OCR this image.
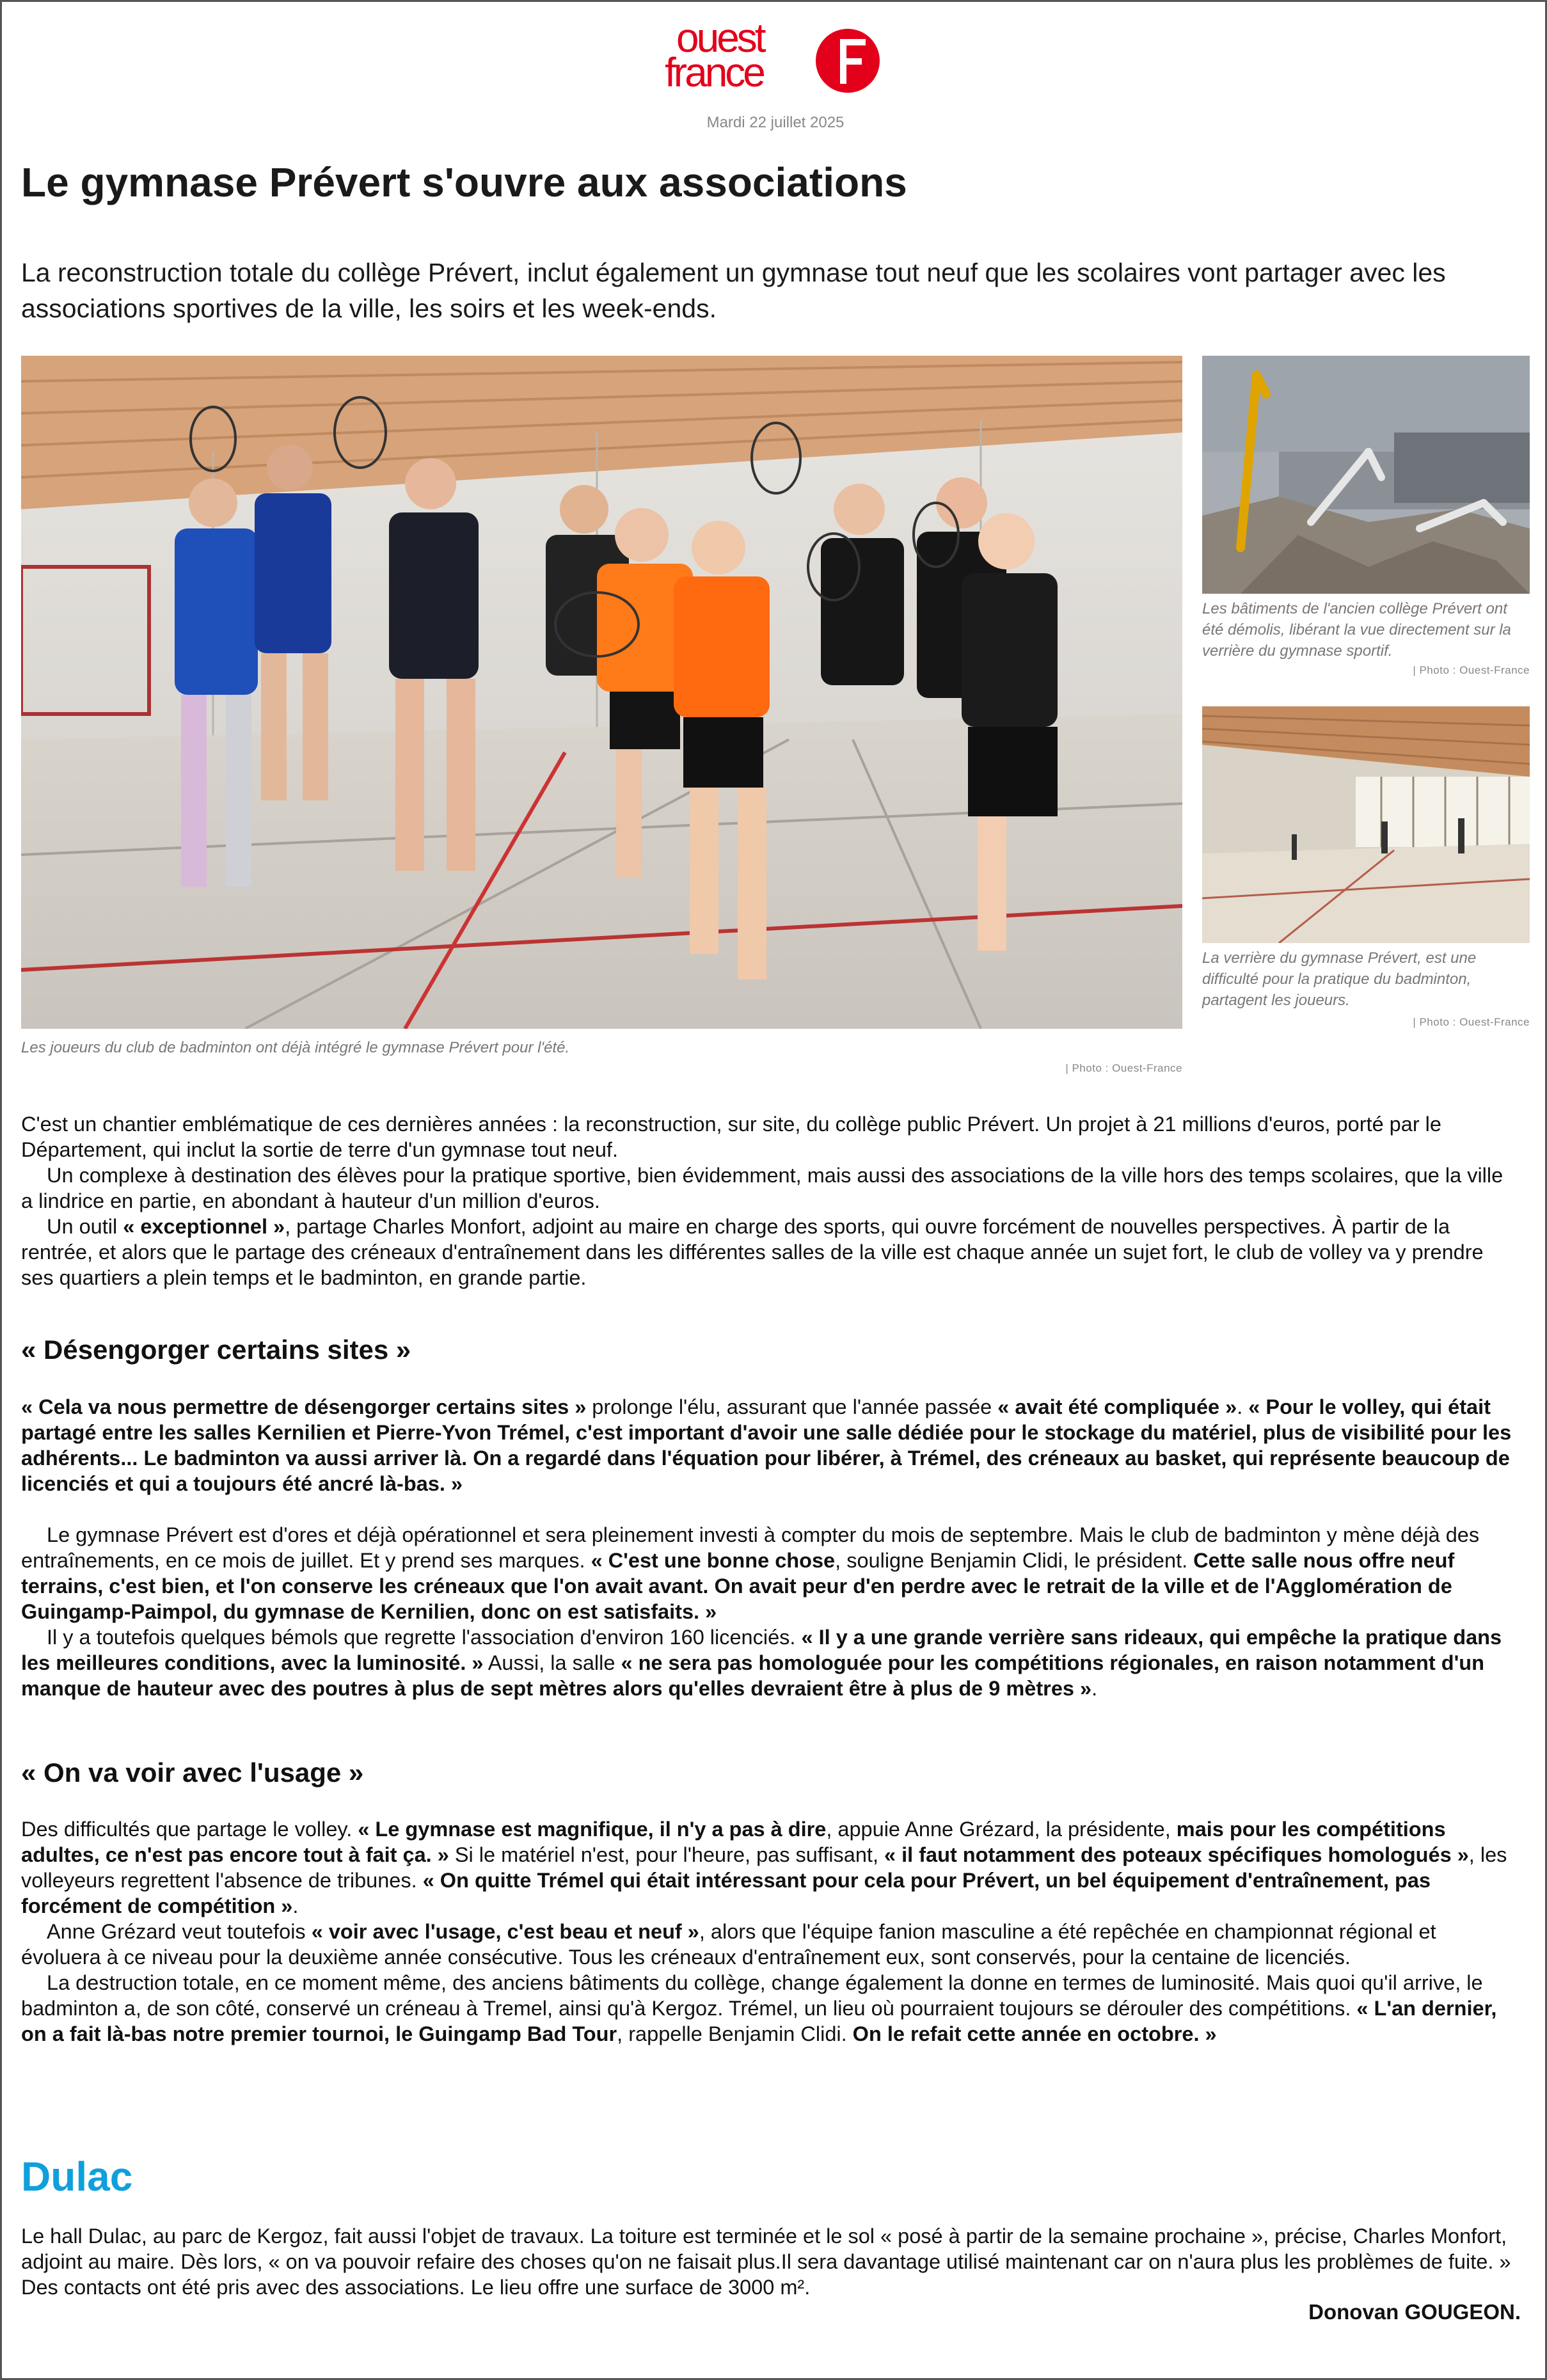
ouest
france
Mardi 22 juillet 2025
Le gymnase Prévert s'ouvre aux associations

La reconstruction totale du collège Prévert, inclut également un gymnase tout neuf que les scolaires vont partager avec les associations sportives de la ville, les soirs et les week-ends.

Les joueurs du club de badminton ont déjà intégré le gymnase Prévert pour l'été.
| Photo : Ouest-France
Les bâtiments de l'ancien collège Prévert ont été démolis, libérant la vue directement sur la verrière du gymnase sportif.
| Photo : Ouest-France
La verrière du gymnase Prévert, est une difficulté pour la pratique du badminton, partagent les joueurs.
| Photo : Ouest-France

C'est un chantier emblématique de ces dernières années : la reconstruction, sur site, du collège public Prévert. Un projet à 21 millions d'euros, porté par le Département, qui inclut la sortie de terre d'un gymnase tout neuf.

Un complexe à destination des élèves pour la pratique sportive, bien évidemment, mais aussi des associations de la ville hors des temps scolaires, que la ville a lindrice en partie, en abondant à hauteur d'un million d'euros.

Un outil « exceptionnel », partage Charles Monfort, adjoint au maire en charge des sports, qui ouvre forcément de nouvelles perspectives. À partir de la rentrée, et alors que le partage des créneaux d'entraînement dans les différentes salles de la ville est chaque année un sujet fort, le club de volley va y prendre ses quartiers a plein temps et le badminton, en grande partie.

« Désengorger certains sites »

« Cela va nous permettre de désengorger certains sites » prolonge l'élu, assurant que l'année passée « avait été compliquée ». « Pour le volley, qui était partagé entre les salles Kernilien et Pierre-Yvon Trémel, c'est important d'avoir une salle dédiée pour le stockage du matériel, plus de visibilité pour les adhérents... Le badminton va aussi arriver là. On a regardé dans l'équation pour libérer, à Trémel, des créneaux au basket, qui représente beaucoup de licenciés et qui a toujours été ancré là-bas. »

Le gymnase Prévert est d'ores et déjà opérationnel et sera pleinement investi à compter du mois de septembre. Mais le club de badminton y mène déjà des entraînements, en ce mois de juillet. Et y prend ses marques. « C'est une bonne chose, souligne Benjamin Clidi, le président. Cette salle nous offre neuf terrains, c'est bien, et l'on conserve les créneaux que l'on avait avant. On avait peur d'en perdre avec le retrait de la ville et de l'Agglomération de Guingamp-Paimpol, du gymnase de Kernilien, donc on est satisfaits. »

Il y a toutefois quelques bémols que regrette l'association d'environ 160 licenciés. « Il y a une grande verrière sans rideaux, qui empêche la pratique dans les meilleures conditions, avec la luminosité. » Aussi, la salle « ne sera pas homologuée pour les compétitions régionales, en raison notamment d'un manque de hauteur avec des poutres à plus de sept mètres alors qu'elles devraient être à plus de 9 mètres ».

« On va voir avec l'usage »

Des difficultés que partage le volley. « Le gymnase est magnifique, il n'y a pas à dire, appuie Anne Grézard, la présidente, mais pour les compétitions adultes, ce n'est pas encore tout à fait ça. » Si le matériel n'est, pour l'heure, pas suffisant, « il faut notamment des poteaux spécifiques homologués », les volleyeurs regrettent l'absence de tribunes. « On quitte Trémel qui était intéressant pour cela pour Prévert, un bel équipement d'entraînement, pas forcément de compétition ».

Anne Grézard veut toutefois « voir avec l'usage, c'est beau et neuf », alors que l'équipe fanion masculine a été repêchée en championnat régional et évoluera à ce niveau pour la deuxième année consécutive. Tous les créneaux d'entraînement eux, sont conservés, pour la centaine de licenciés.

La destruction totale, en ce moment même, des anciens bâtiments du collège, change également la donne en termes de luminosité. Mais quoi qu'il arrive, le badminton a, de son côté, conservé un créneau à Tremel, ainsi qu'à Kergoz. Trémel, un lieu où pourraient toujours se dérouler des compétitions. « L'an dernier, on a fait là-bas notre premier tournoi, le Guingamp Bad Tour, rappelle Benjamin Clidi. On le refait cette année en octobre. »

Dulac

Le hall Dulac, au parc de Kergoz, fait aussi l'objet de travaux. La toiture est terminée et le sol « posé à partir de la semaine prochaine », précise, Charles Monfort, adjoint au maire. Dès lors, « on va pouvoir refaire des choses qu'on ne faisait plus.Il sera davantage utilisé maintenant car on n'aura plus les problèmes de fuite. » Des contacts ont été pris avec des associations. Le lieu offre une surface de 3000 m².

Donovan GOUGEON.
